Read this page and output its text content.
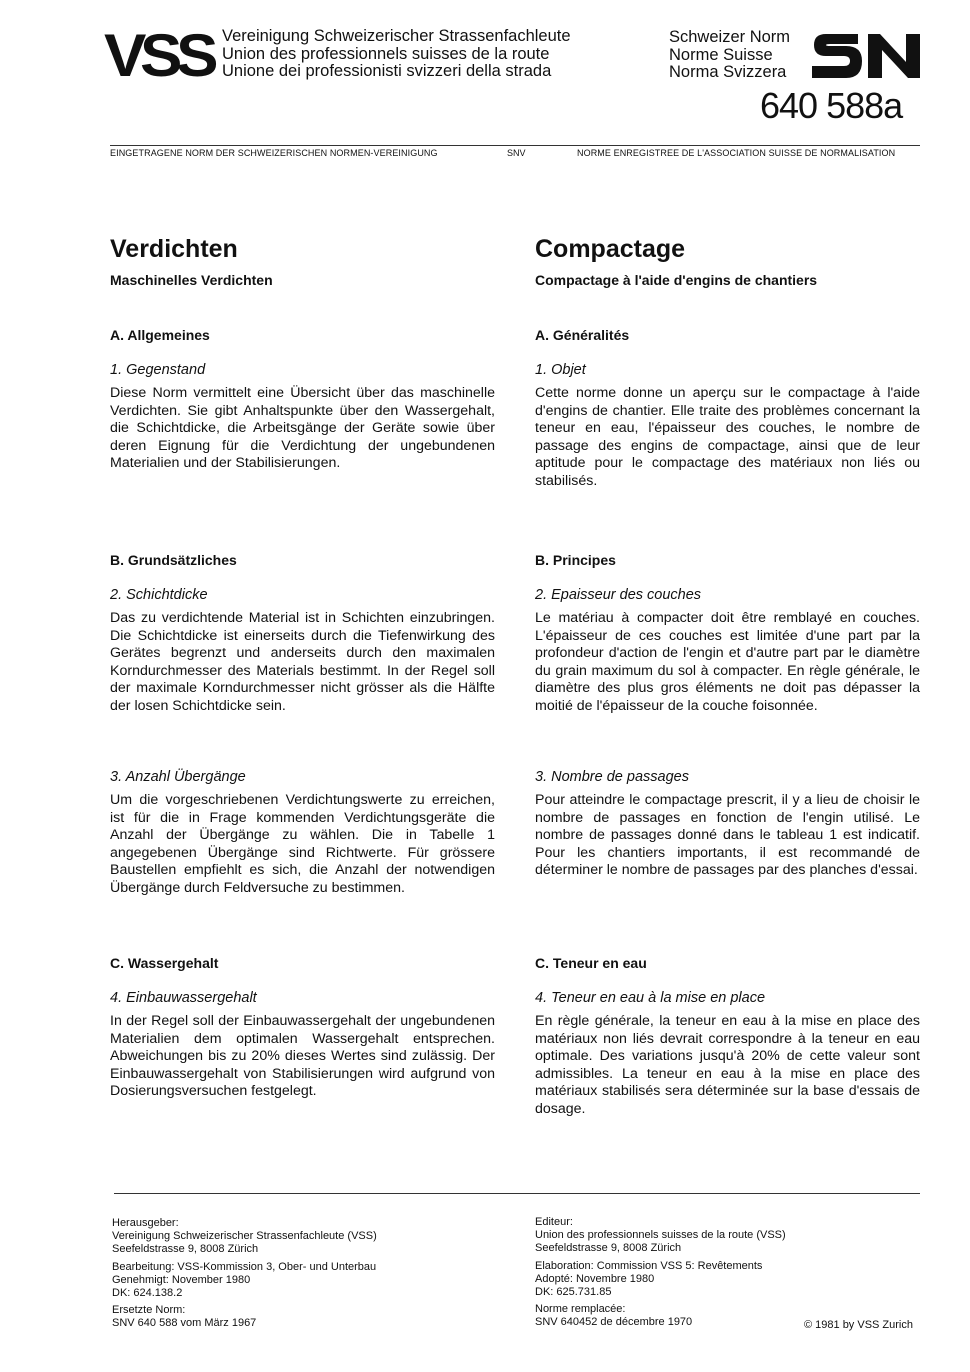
VSS Vereinigung Schweizerischer Strassenfachleute
Union des professionnels suisses de la route
Unione dei professionisti svizzeri della strada
Schweizer Norm
Norme Suisse
Norma Svizzera
640 588a
EINGETRAGENE NORM DER SCHWEIZERISCHEN NORMEN-VEREINIGUNG	SNV	NORME ENREGISTREE DE L'ASSOCIATION SUISSE DE NORMALISATION
Verdichten

Maschinelles Verdichten

A. Allgemeines

1. Gegenstand

Diese Norm vermittelt eine Übersicht über das maschinelle Verdichten. Sie gibt Anhaltspunkte über den Wassergehalt, die Schichtdicke, die Arbeitsgänge der Geräte sowie über deren Eignung für die Verdichtung der ungebundenen Materialien und der Stabilisierungen.

B. Grundsätzliches

2. Schichtdicke

Das zu verdichtende Material ist in Schichten einzubringen. Die Schichtdicke ist einerseits durch die Tiefenwirkung des Gerätes begrenzt und anderseits durch den maximalen Korndurchmesser des Materials bestimmt. In der Regel soll der maximale Korndurchmesser nicht grösser als die Hälfte der losen Schichtdicke sein.

3. Anzahl Übergänge

Um die vorgeschriebenen Verdichtungswerte zu erreichen, ist für die in Frage kommenden Verdichtungsgeräte die Anzahl der Übergänge zu wählen. Die in Tabelle 1 angegebenen Übergänge sind Richtwerte. Für grössere Baustellen empfiehlt es sich, die Anzahl der notwendigen Übergänge durch Feldversuche zu bestimmen.

C. Wassergehalt

4. Einbauwassergehalt

In der Regel soll der Einbauwassergehalt der ungebundenen Materialien dem optimalen Wassergehalt entsprechen. Abweichungen bis zu 20% dieses Wertes sind zulässig. Der Einbauwassergehalt von Stabilisierungen wird aufgrund von Dosierungsversuchen festgelegt.

Compactage

Compactage à l'aide d'engins de chantiers

A. Généralités

1. Objet

Cette norme donne un aperçu sur le compactage à l'aide d'engins de chantier. Elle traite des problèmes concernant la teneur en eau, l'épaisseur des couches, le nombre de passage des engins de compactage, ainsi que de leur aptitude pour le compactage des matériaux non liés ou stabilisés.

B. Principes

2. Epaisseur des couches

Le matériau à compacter doit être remblayé en couches. L'épaisseur de ces couches est limitée d'une part par la profondeur d'action de l'engin et d'autre part par le diamètre du grain maximum du sol à compacter. En règle générale, le diamètre des plus gros éléments ne doit pas dépasser la moitié de l'épaisseur de la couche foisonnée.

3. Nombre de passages

Pour atteindre le compactage prescrit, il y a lieu de choisir le nombre de passages en fonction de l'engin utilisé. Le nombre de passages donné dans le tableau 1 est indicatif. Pour les chantiers importants, il est recommandé de déterminer le nombre de passages par des planches d'essai.

C. Teneur en eau

4. Teneur en eau à la mise en place

En règle générale, la teneur en eau à la mise en place des matériaux non liés devrait correspondre à la teneur en eau optimale. Des variations jusqu'à 20% de cette valeur sont admissibles. La teneur en eau à la mise en place des matériaux stabilisés sera déterminée sur la base d'essais de dosage.

Herausgeber:

Vereinigung Schweizerischer Strassenfachleute (VSS)

Seefeldstrasse 9, 8008 Zürich

Bearbeitung: VSS-Kommission 3, Ober- und Unterbau

Genehmigt: November 1980

DK: 624.138.2

Ersetzte Norm:

SNV 640 588 vom März 1967

Editeur:

Union des professionnels suisses de la route (VSS)

Seefeldstrasse 9, 8008 Zürich

Elaboration: Commission VSS 5: Revêtements

Adopté: Novembre 1980

DK: 625.731.85

Norme remplacée:

SNV 640452 de décembre 1970	© 1981 by VSS Zurich
